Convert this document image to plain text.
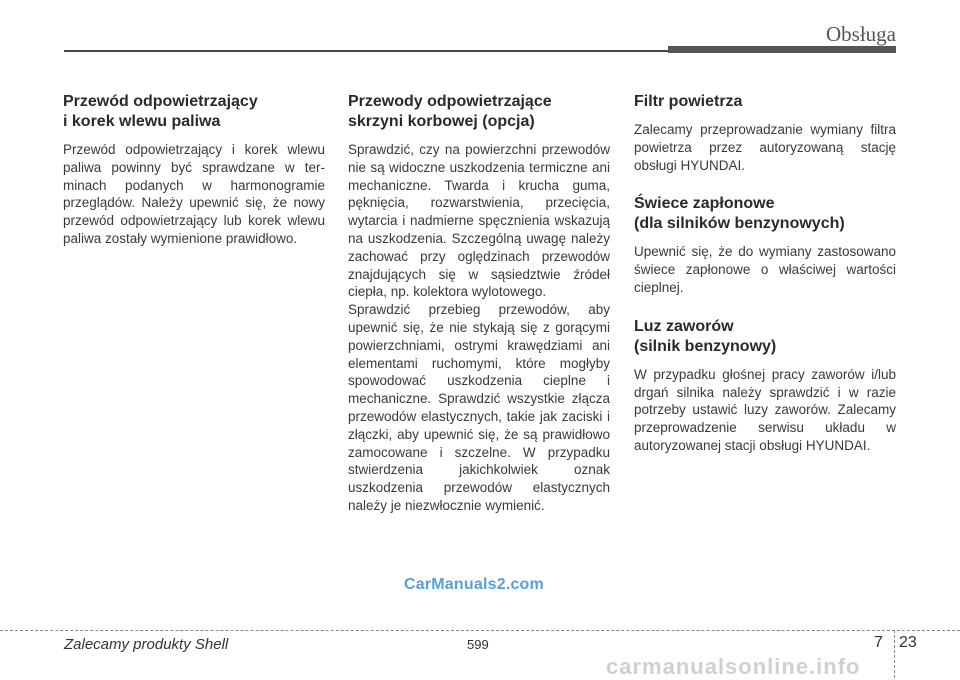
Obsługa
Przewód odpowietrzający
i korek wlewu paliwa

Przewód odpowietrzający i korek wlewu paliwa powinny być sprawdzane w terminach podanych w harmonogramie przeglądów. Należy upewnić się, że nowy przewód odpowietrzający lub korek wlewu paliwa zostały wymienione prawidłowo.

Przewody odpowietrzające
skrzyni korbowej (opcja)

Sprawdzić, czy na powierzchni przewodów nie są widoczne uszkodzenia termiczne ani mechaniczne. Twarda i krucha guma, pęknięcia, rozwarstwienia, przecięcia, wytarcia i nadmierne spęcznienia wskazują na uszkodzenia. Szczególną uwagę należy zachować przy oględzinach przewodów znajdujących się w sąsiedztwie źródeł ciepła, np. kolektora wylotowego.

Sprawdzić przebieg przewodów, aby upewnić się, że nie stykają się z gorącymi powierzchniami, ostrymi krawędziami ani elementami ruchomymi, które mogłyby spowodować uszkodzenia cieplne i mechaniczne. Sprawdzić wszystkie złącza przewodów elastycznych, takie jak zaciski i złączki, aby upewnić się, że są prawidłowo zamocowane i szczelne. W przypadku stwierdzenia jakichkolwiek oznak uszkodzenia przewodów elastycznych należy je niezwłocznie wymienić.

Filtr powietrza

Zalecamy przeprowadzanie wymiany filtra powietrza przez autoryzowaną stację obsługi HYUNDAI.

Świece zapłonowe
(dla silników benzynowych)

Upewnić się, że do wymiany zastosowano świece zapłonowe o właściwej wartości cieplnej.

Luz zaworów
(silnik benzynowy)

W przypadku głośnej pracy zaworów i/lub drgań silnika należy sprawdzić i w razie potrzeby ustawić luzy zaworów. Zalecamy przeprowadzenie serwisu układu w autoryzowanej stacji obsługi HYUNDAI.

CarManuals2.com
Zalecamy produkty Shell	599	7 23
carmanualsonline.info
